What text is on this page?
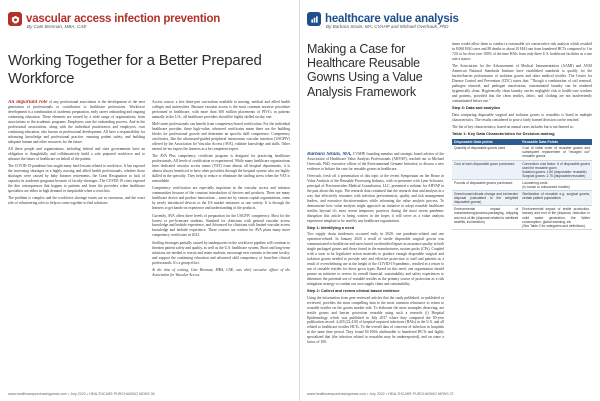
vascular access infection prevention
By Cate Brennan, MBA, CAE
Working Together for a Better Prepared Workforce

An important role of any professional association is the development of the next generation of professionals or contributors to healthcare professions. Workforce development is a combination of academic preparation, early career onboarding and ongoing continuing education. These elements are owned by a wide range of organizations, from associations to the academic programs. Employers own the onboarding process. And in the professional associations, along with the individual practitioners and employers, own continuing education, also known as professional development. All have a responsibility for advancing knowledge and professional practice, ensuring patient safety, and building adequate human and other resources for the future.

All these people and organizations, including federal and state governments have an obligation to thoughtfully and collaboratively build a safe prepared workforce and to advance the future of healthcare on behalf of the patient.

The COVID-19 pandemic has taught many hard lessons related to workforce. It has exposed the increasing shortages in a highly nursing and allied health professionals, whether those shortages were caused by baby boomer retirements, the Great Resignation or lack of capacity in academic programs because of faculty shortages. The COVID-19 crisis exposed the dire consequences that happen to patients and from the providers when healthcare specialties are either in high demand or inequitable when a crisis hits.

The problem is complex and the workforce shortage issues are so enormous, and the exact role of volunteering roles to help us come together to find solutions.

Access course, a free three-part curriculum available to nursing, medical and allied health colleges and universities. Because vascular access is the most common invasive procedure performed in healthcare, with more than 300 million placements of PIVCs in patients annually in the U.S., all healthcare providers should be highly skilled on day one.

Mid-career professionals can benefit from competency-based certification. For the individual healthcare provider, these high-value, advanced certificates mean there are the building blocks for professional growth and determine an specific skill competence. Competency certificates, like the ultrasound-guided peripheral intravenous vascular insertion (USGPIV) offered by the Association for Vascular Access (AVA), validate knowledge and skills. Other earned tie-ins expect the learners as a be competent expert.

The AVA Plus competency certificate program is designed for practicing healthcare professionals. All levels of certification or experienced. While many healthcare organizations have dedicated vascular access teams (VAT) from almost all hospital departments, it is almost always beneficial to have other providers through the hospital system who are highly skilled in the specialty. They help to reduce or eliminate the staffing stress when the VAT is unavailable.

Competency certification are especially important in the vascular access and infusion communities because of the constant introduction of devices and products. There are many healthcare device and product innovations – some are by venous capital organizations, some by newly introduced devices to the US market entrances as one variety. It is through the learners to get hands-on experience and understanding of the products.

Currently, AVA offers three levels of preparation for the USGPIV competency. Most for the lowest or pre-licensure students. Standard for clinicians with general vascular access knowledge and bedside experience, and Advanced for clinicians with limited vascular access knowledge and bedside experience. These courses are written for AVA plans many more competency certificates in 2023.

Staffing shortages partially caused by inadequacies in the workforce pipeline will continue to threaten patient safety and quality, as well as the U.S. healthcare system. Short and long-term solutions are needed to recruit and retain students, encourage new entrants to become faculty, and support the continuing education and advanced skill competency of front-line clinical professionals. It's a group effort.

At the time of writing, Cate Brennan, MBA, CAE, was chief executive officer of the Association for Vascular Access.

www.healthcarepurchasingnews.com • July 2022 • HEALTHCARE PURCHASING NEWS 36
healthcare value analysis
By Barbara Strain, MA, CVAHP and Michael Overhauk, PhD
Making a Case for Healthcare Reusable Gowns Using a Value Analysis Framework

Barbara Strain, MA, CVAHP, founding member and strategic board advisor of the Association of Healthcare Value Analysis Professionals (AHVAP), reached out to Michael Overcash, PhD, executive officer of the Environmental Genome Initiative, to discuss a new evidence to bolster the case for reusable gowns in healthcare.

Overcash, fresh off a presentation of this topic at the recent Symposium on the Reuse in Value Analysis of the Reusable Processing Industry, with co-presenter with Lynn Schwartz, principal of Precisionvideo Medical Consultation, LLC, presented a webinar for AHVAP in the past about this topic. The research data contained that the research data and analysis in a way that effectively resonates with infection preventionists, quality and risk management leaders, and executive decision-makers while informing the value analysis process. To demonstrate how value analysis might approach an initiative to adopt reusable healthcare textiles beyond it's most recent temporary practices during the most recent pandemic disruption this article is being written in the hopes it will serve as a value analysis experience template to be used by any healthcare organization.

Step 1: Identifying a need

Two supply chain incidences occurred early in 2020; one pandemic-related and one operation-related. In January 2020 a recall of sterile disposable surgical gowns was communicated to healthcare end-users based on identified lapses in assurance quality in both single packaged gowns and those found in the manufacturers custom packs (CPs). Coupled with a soon to be legislative action materials to produce enough disposable surgical and isolation gowns needed to provide safe and effective protection to staff and patients as a result of overwhelming use at the height of the COVID-19 pandemic, resulted in a return to use of reusable textiles for those gown types. Based on this need, one organization should pursue an initiative to review its overall financial, sustainability and safety experiences to determine the potential use of reusable textiles as the primary source of protection as a risk mitigation strategy to combat our own supply chain and sustainability.

Step 2: Collect and review clinical based evidence

Using the information from peer-reviewed articles that the study published, co-published or reviewed, provides the most compelling data to the most common reluctance to return to reusable textiles on the gowns market side. To elaborate the most examples deserving, are textile gowns and barrier protection reusable using such a research (i) Hospital Epidemiology which was published in July 2017 where they compared the 50-year publication record: 4,418 (22,410) of hospital-acquired infections (HAIs) in the U.S. and all related to healthcare textiles HCTs. To the overall data of concerns of infection in hospitals in the same time period. They found 84 HAIs attributable to laundered HCTs and highly specialized that (the infection related to reusables may be underreported), and on some a factor of 100.

times would allow them to conduct a reasonable yet conservative risk analysis which resulted in 8,060 HAI cases and 80 deaths or about 10 HAI rate from laundered HCTs compared to 1 in 720, to be clear over 100% of the time HAIs from only three U.S. healthcare facilities as a one rate a stance.

The Association for the Advancement of Medical Instrumentation (AAMI) and ANSI American National Standards Institute have established standards to qualify for the barrier/barrier performance of isolation gowns and other medical textiles. The Center for Disease Control and Prevention (CDC) states that: "Though a combination of soil removal, pathogen removal, and pathogen inactivation, contaminated laundry can be rendered hygienically clean. Hygienically clean laundry carries negligible risk to health-care workers and patients, provided that the clean textiles, fabric, and clothing are not inadvertently contaminated before use."

Step 3: Data and analytics

Data comparing disposable surgical and isolation gowns to reusables is listed in multiple characteristics. The results considered to pose a fairly framed decision can be reached.

The list of key characteristics, based on annual cases includes but is not limited to:

Table 1: Key Data Characteristics for Decision-making
Disposable Data points	Reusable Data Points
Quantity of disposable gowns used	Cost of initial order of reusable gowns and subsequent replacement of "ravaged out" reusable gowns
Cost of each disposable gown purchased	Conversion cost factor: # of disposable gowns used for reusable gown
Isolation gowns: 1:80 (disposable: reusable)
Surgical gowns: 1:75 (disposable:reusable)
Pounds of disposable gowns purchased	Laundering costs
(in-house or outsourced models)
Greenhouse/climate change and incinerator disposal (calculated to the weighted disposable gowns)	Sterilization of reusable e.g. surgical gowns, certain patient populations
Environmental impact of manufacturing/process-packaging, shipping and end-of-life (disposal related to sterilized landfills, incineration)	Environmental impact of textile production, laundry and end of life (disposal, reduction in solid waste generation, the Water consumption, global warming, etc
(See Table 2 for categories and definitions)
www.healthcarepurchasingnews.com • July 2022 • HEALTHCARE PURCHASING NEWS 37
